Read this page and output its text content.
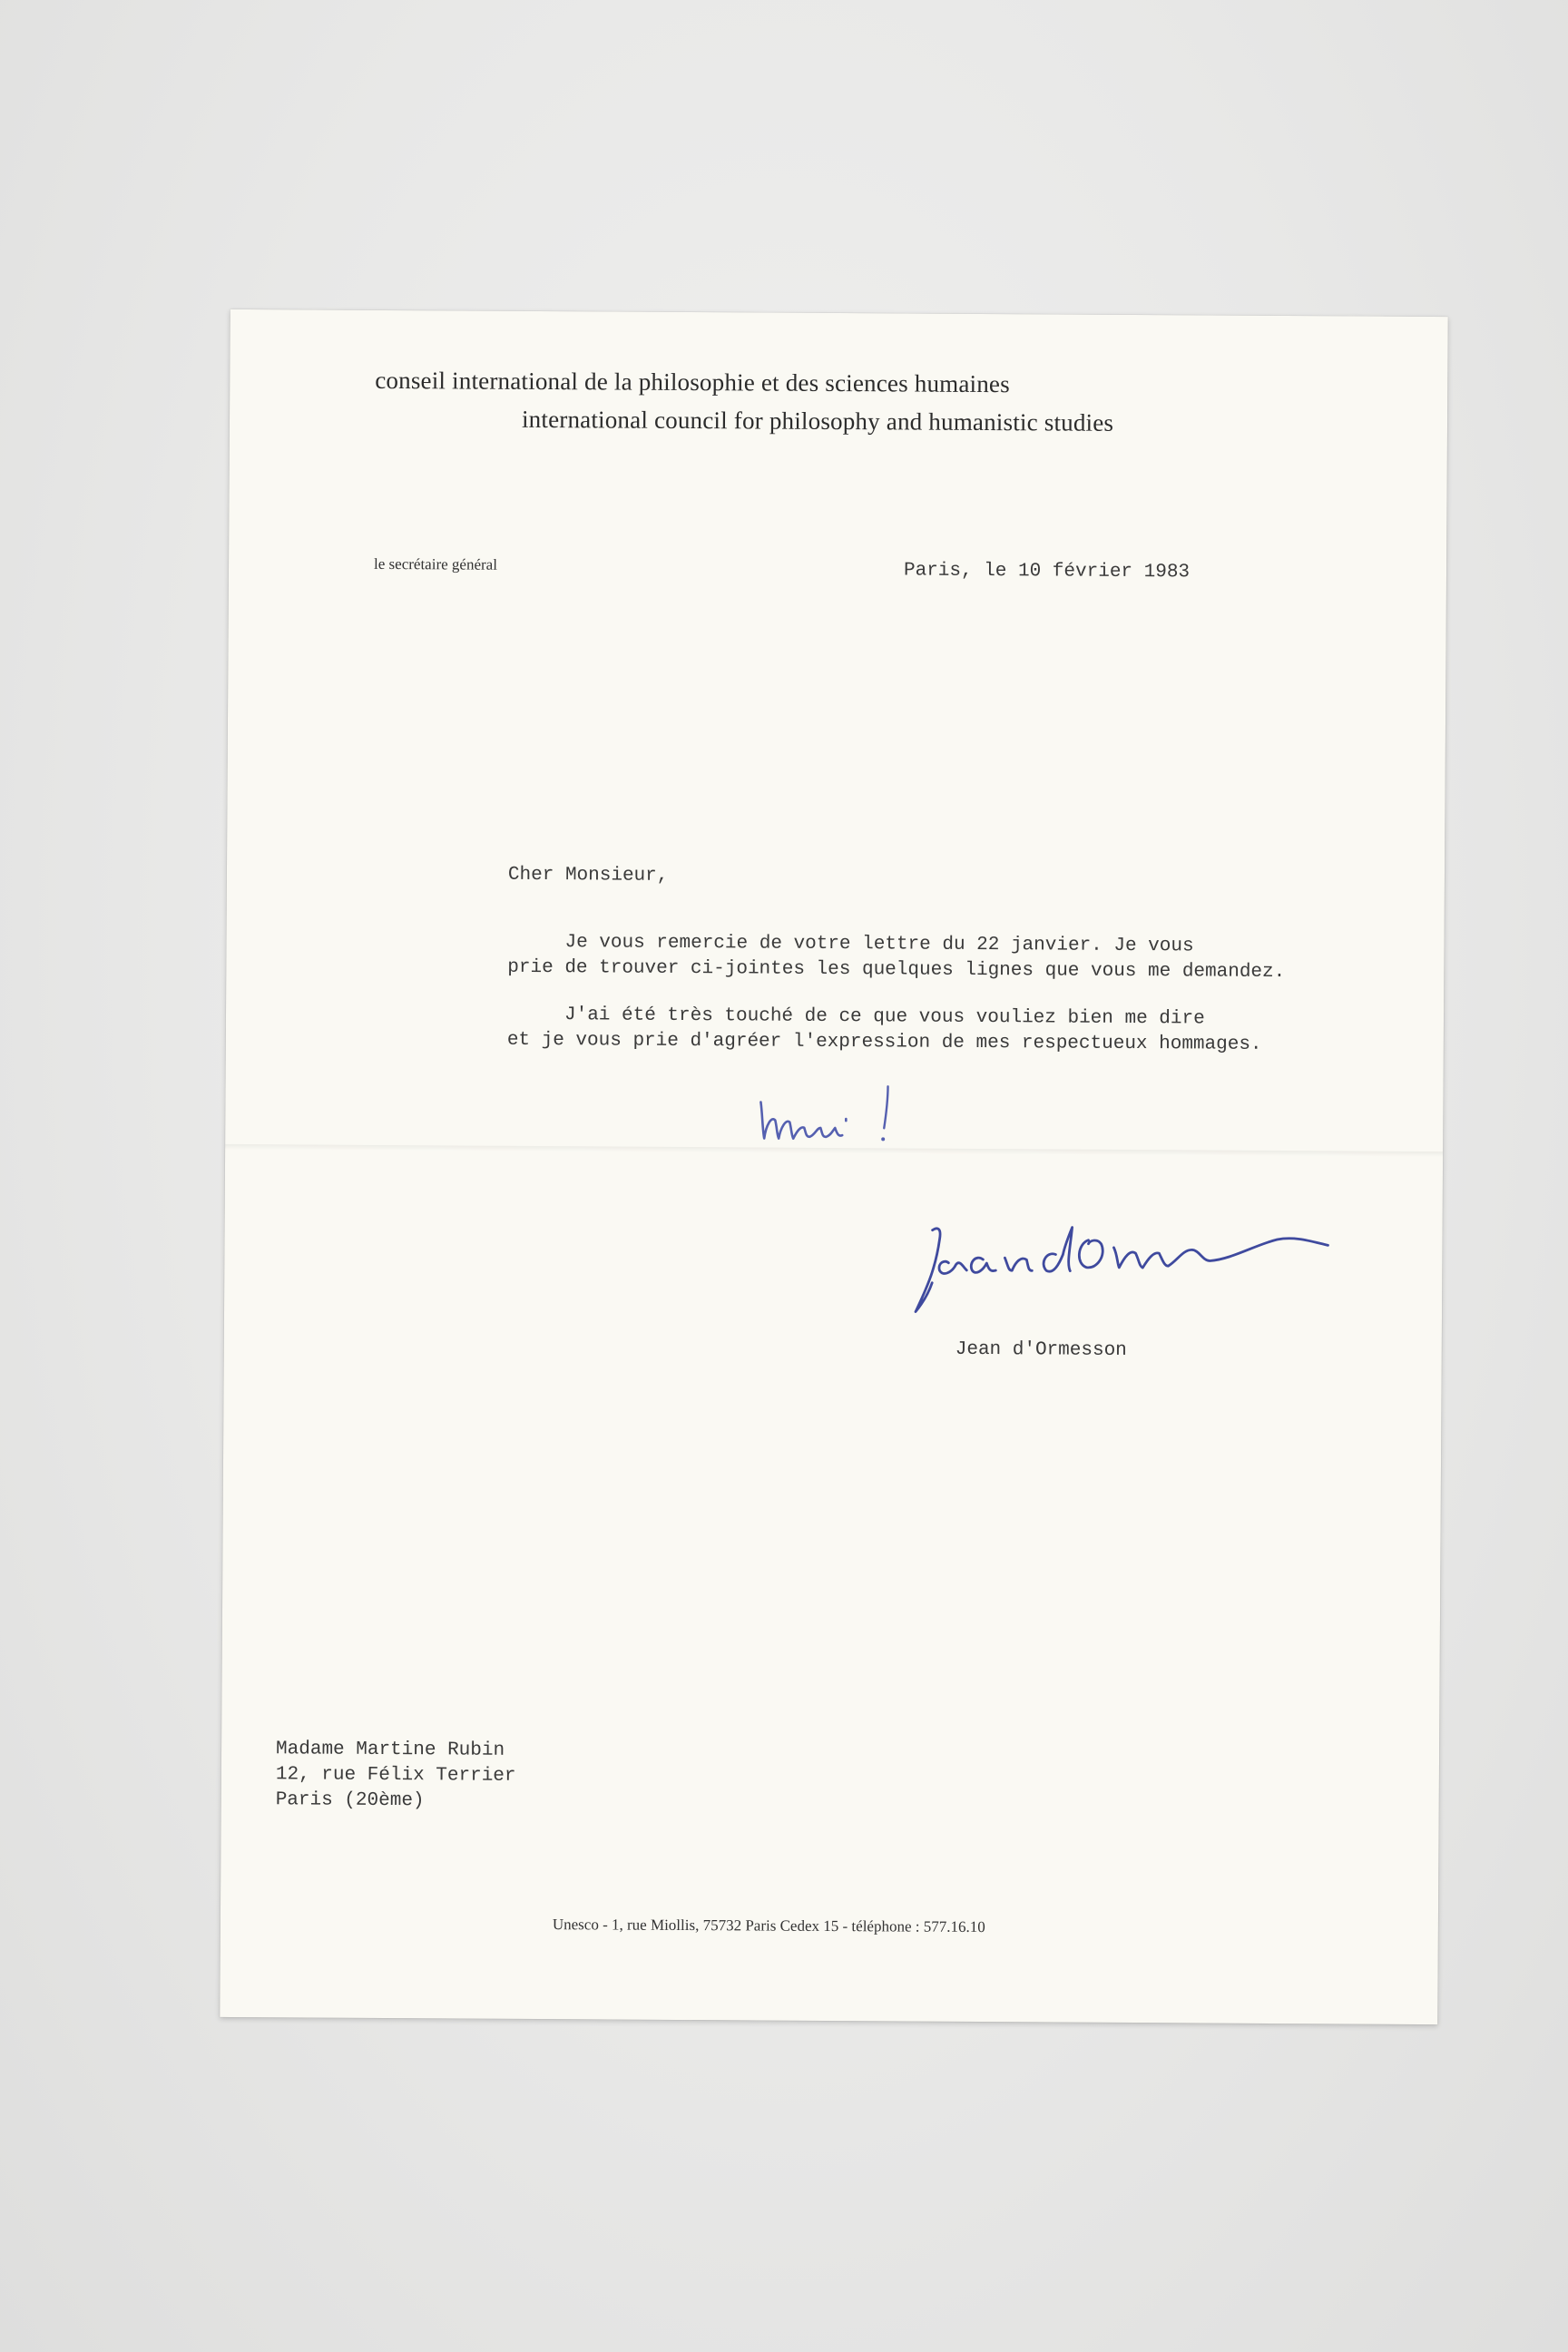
conseil international de la philosophie et des sciences humaines
international council for philosophy and humanistic studies
le secrétaire général	Paris, le 10 février 1983
Cher Monsieur,
Je vous remercie de votre lettre du 22 janvier. Je vous
prie de trouver ci-jointes les quelques lignes que vous me demandez.
J'ai été très touché de ce que vous vouliez bien me dire
et je vous prie d'agréer l'expression de mes respectueux hommages.
Jean d'Ormesson
Madame Martine Rubin
12, rue Félix Terrier
Paris (20ème)
Unesco - 1, rue Miollis, 75732 Paris Cedex 15 - téléphone : 577.16.10
